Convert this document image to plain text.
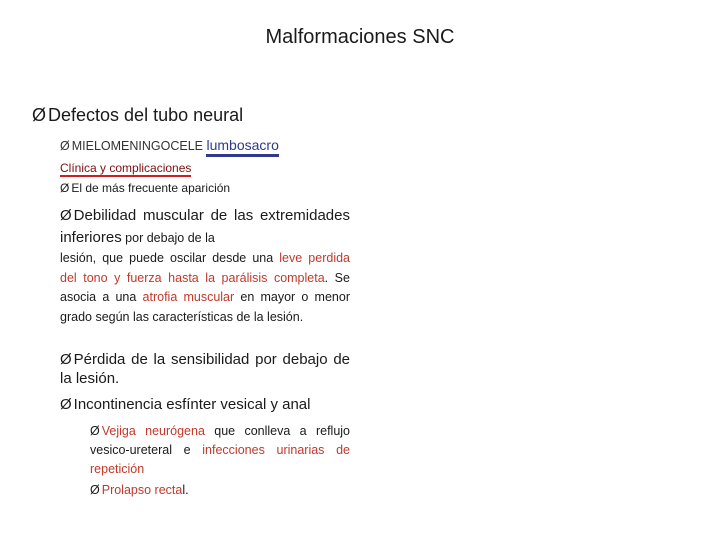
Malformaciones SNC
Ø Defectos del tubo neural
Ø MIELOMENINGOCELE lumbosacro
Clínica y complicaciones
Ø El de más frecuente aparición
Ø Debilidad muscular de las extremidades inferiores por debajo de la
lesión, que puede oscilar desde una leve perdida del tono y fuerza hasta la parálisis completa. Se asocia a una atrofia muscular en mayor o menor grado según las características de la lesión.
Ø Pérdida de la sensibilidad por debajo de la lesión.
Ø Incontinencia esfínter vesical y anal
Ø Vejiga neurógena que conlleva a reflujo vesico-ureteral e infecciones urinarias de repetición
Ø Prolapso rectal.
